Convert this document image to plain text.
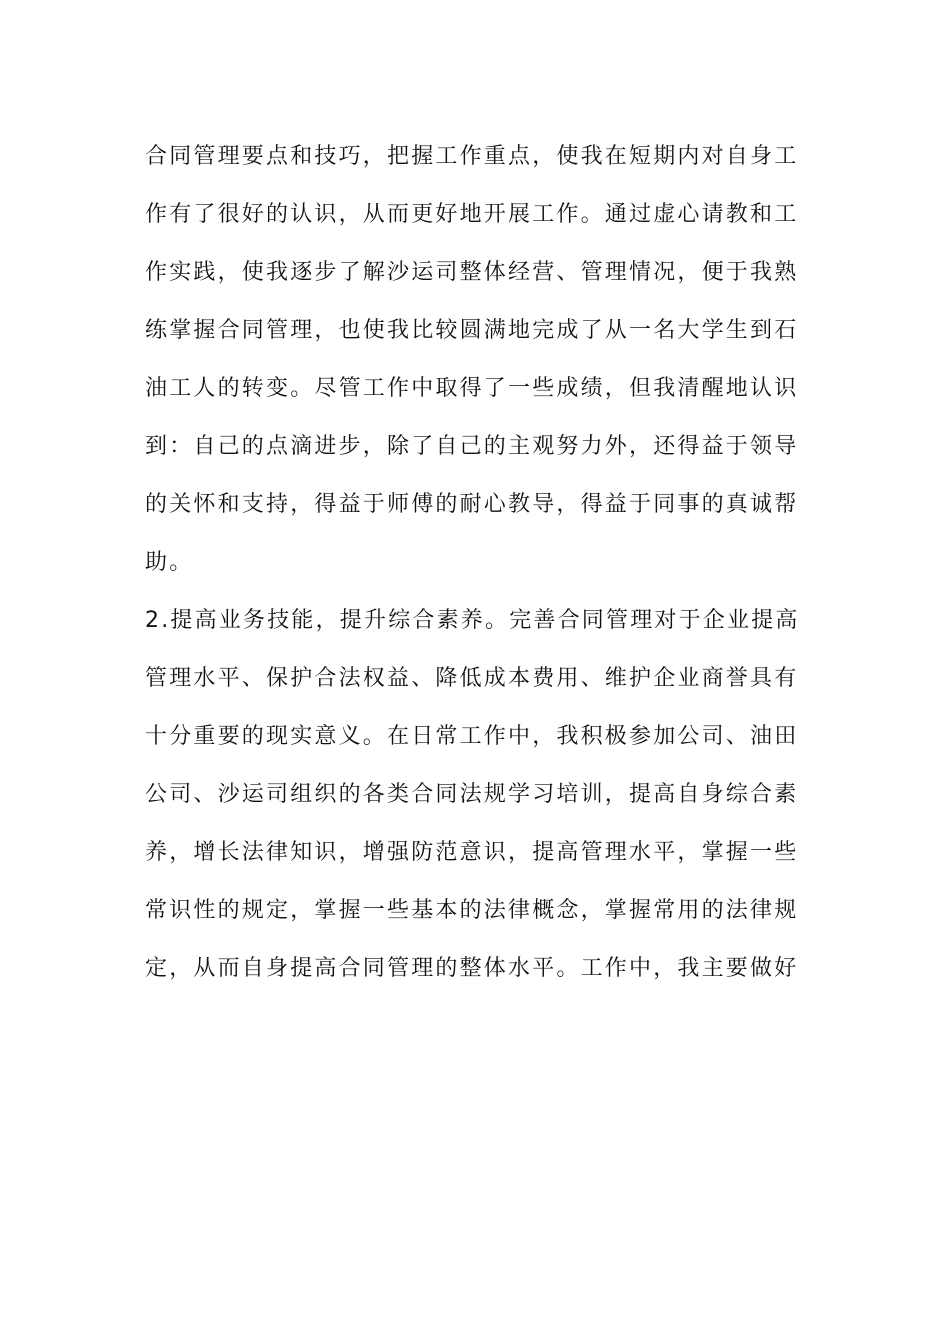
合同管理要点和技巧，把握工作重点，使我在短期内对自身工
作有了很好的认识，从而更好地开展工作。通过虚心请教和工
作实践，使我逐步了解沙运司整体经营、管理情况，便于我熟
练掌握合同管理，也使我比较圆满地完成了从一名大学生到石
油工人的转变。尽管工作中取得了一些成绩，但我清醒地认识
到：自己的点滴进步，除了自己的主观努力外，还得益于领导
的关怀和支持，得益于师傅的耐心教导，得益于同事的真诚帮
助。
2.提高业务技能，提升综合素养。完善合同管理对于企业提高
管理水平、保护合法权益、降低成本费用、维护企业商誉具有
十分重要的现实意义。在日常工作中，我积极参加公司、油田
公司、沙运司组织的各类合同法规学习培训，提高自身综合素
养，增长法律知识，增强防范意识，提高管理水平，掌握一些
常识性的规定，掌握一些基本的法律概念，掌握常用的法律规
定，从而自身提高合同管理的整体水平。工作中，我主要做好
